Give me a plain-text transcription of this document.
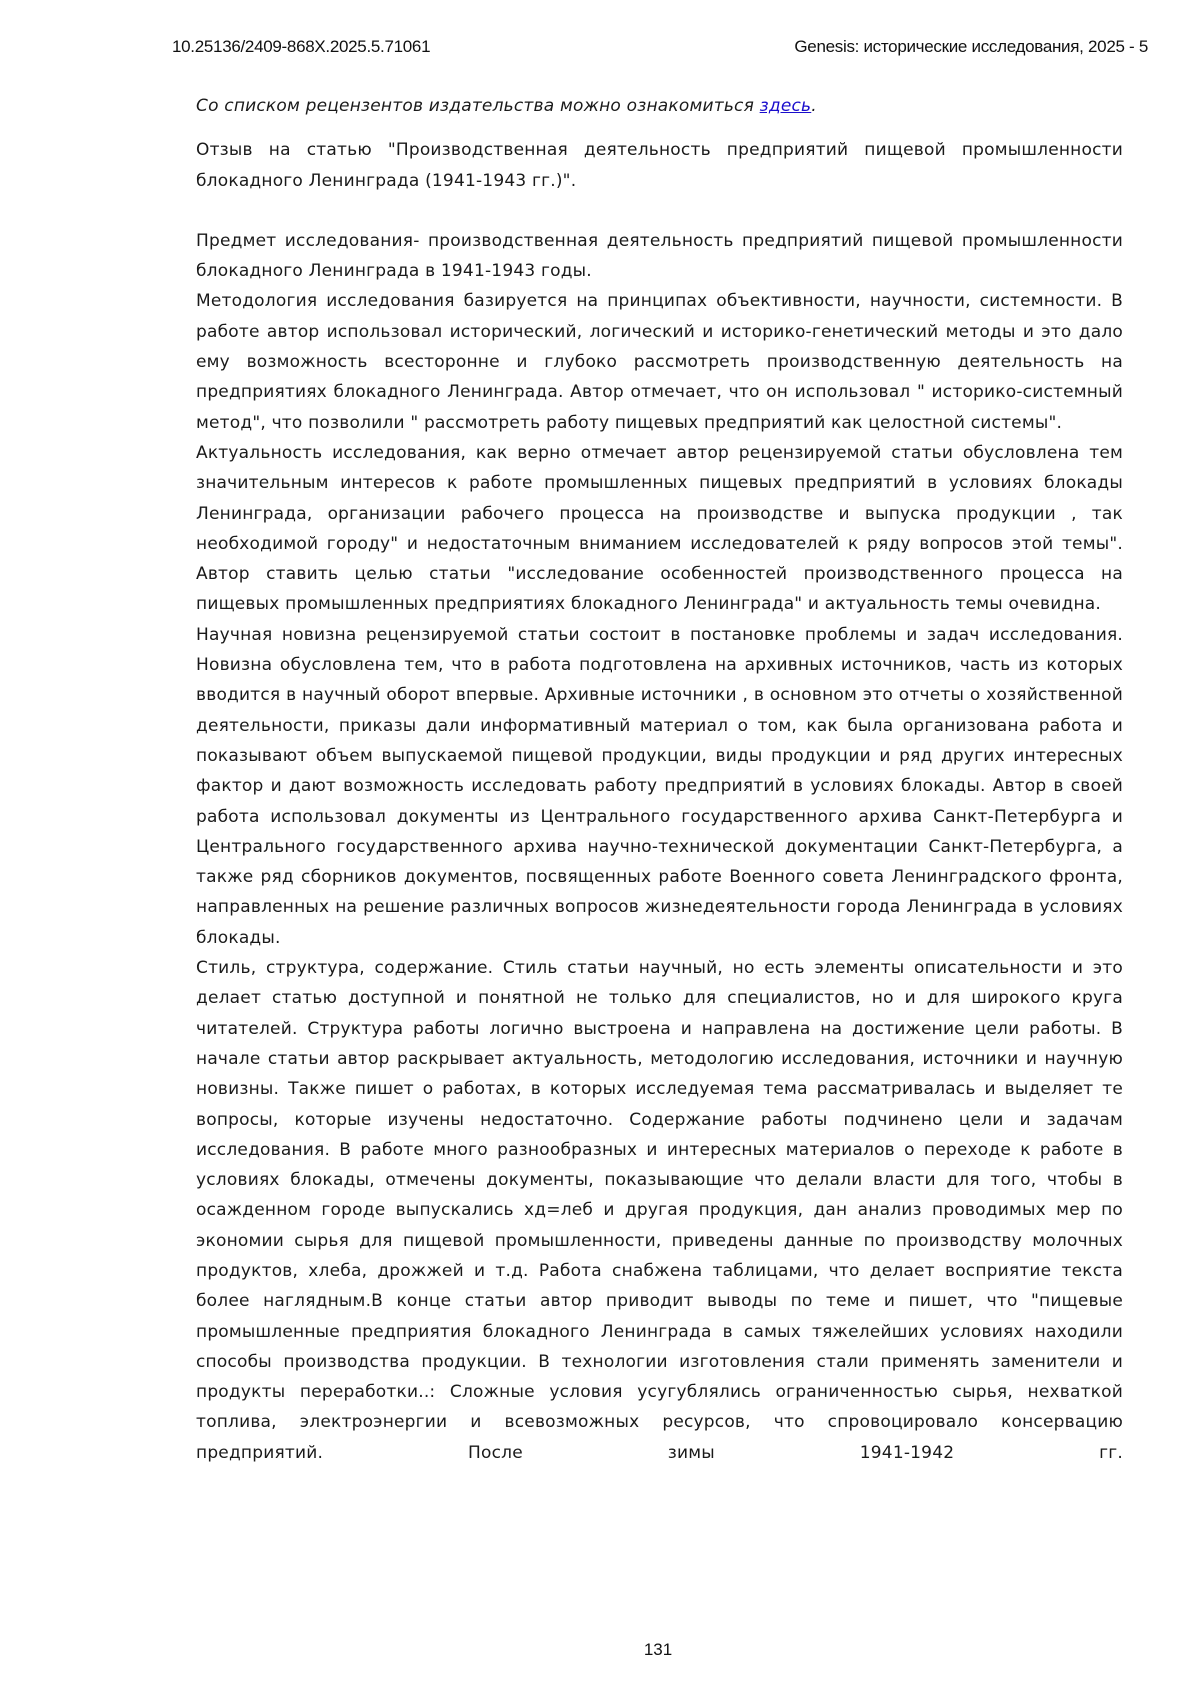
10.25136/2409-868X.2025.5.71061	Genesis: исторические исследования, 2025 - 5

Со списком рецензентов издательства можно ознакомиться здесь.

Отзыв на статью "Производственная деятельность предприятий пищевой промышленности блокадного Ленинграда (1941-1943 гг.)".

Предмет исследования- производственная деятельность предприятий пищевой промышленности блокадного Ленинграда в 1941-1943 годы.

Методология исследования базируется на принципах объективности, научности, системности. В работе автор использовал исторический, логический и историко-генетический методы и это дало ему возможность всесторонне и глубоко рассмотреть производственную деятельность на предприятиях блокадного Ленинграда. Автор отмечает, что он использовал " историко-системный метод", что позволили " рассмотреть работу пищевых предприятий как целостной системы".

Актуальность исследования, как верно отмечает автор рецензируемой статьи обусловлена тем значительным интересов к работе промышленных пищевых предприятий в условиях блокады Ленинграда, организации рабочего процесса на производстве и выпуска продукции , так необходимой городу" и недостаточным вниманием исследователей к ряду вопросов этой темы". Автор ставить целью статьи "исследование особенностей производственного процесса на пищевых промышленных предприятиях блокадного Ленинграда" и актуальность темы очевидна.

Научная новизна рецензируемой статьи состоит в постановке проблемы и задач исследования. Новизна обусловлена тем, что в работа подготовлена на архивных источников, часть из которых вводится в научный оборот впервые. Архивные источники , в основном это отчеты о хозяйственной деятельности, приказы дали информативный материал о том, как была организована работа и показывают объем выпускаемой пищевой продукции, виды продукции и ряд других интересных фактор и дают возможность исследовать работу предприятий в условиях блокады. Автор в своей работа использовал документы из Центрального государственного архива Санкт-Петербурга и Центрального государственного архива научно-технической документации Санкт-Петербурга, а также ряд сборников документов, посвященных работе Военного совета Ленинградского фронта, направленных на решение различных вопросов жизнедеятельности города Ленинграда в условиях блокады.

Стиль, структура, содержание. Стиль статьи научный, но есть элементы описательности и это делает статью доступной и понятной не только для специалистов, но и для широкого круга читателей. Структура работы логично выстроена и направлена на достижение цели работы. В начале статьи автор раскрывает актуальность, методологию исследования, источники и научную новизны. Также пишет о работах, в которых исследуемая тема рассматривалась и выделяет те вопросы, которые изучены недостаточно. Содержание работы подчинено цели и задачам исследования. В работе много разнообразных и интересных материалов о переходе к работе в условиях блокады, отмечены документы, показывающие что делали власти для того, чтобы в осажденном городе выпускались хд=леб и другая продукция, дан анализ проводимых мер по экономии сырья для пищевой промышленности, приведены данные по производству молочных продуктов, хлеба, дрожжей и т.д. Работа снабжена таблицами, что делает восприятие текста более наглядным.В конце статьи автор приводит выводы по теме и пишет, что "пищевые промышленные предприятия блокадного Ленинграда в самых тяжелейших условиях находили способы производства продукции. В технологии изготовления стали применять заменители и продукты переработки..: Сложные условия усугублялись ограниченностью сырья, нехваткой топлива, электроэнергии и всевозможных ресурсов, что спровоцировало консервацию предприятий. После зимы 1941-1942 гг.

131
